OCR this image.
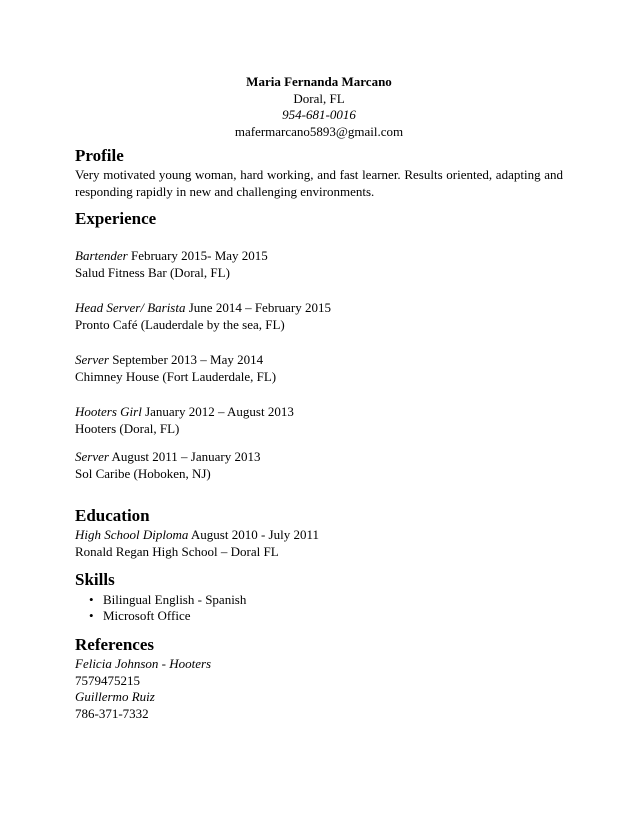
Maria Fernanda Marcano
Doral, FL
954-681-0016
mafermarcano5893@gmail.com
Profile
Very motivated young woman, hard working, and fast learner. Results oriented, adapting and responding rapidly in new and challenging environments.
Experience
Bartender February 2015- May 2015
Salud Fitness Bar (Doral, FL)
Head Server/ Barista June 2014 – February 2015
Pronto Café (Lauderdale by the sea, FL)
Server September 2013 – May 2014
Chimney House (Fort Lauderdale, FL)
Hooters Girl January 2012 – August 2013
Hooters (Doral, FL)
Server August 2011 – January 2013
Sol Caribe (Hoboken, NJ)
Education
High School Diploma August 2010 - July 2011
Ronald Regan High School – Doral FL
Skills
• Bilingual English - Spanish
• Microsoft Office
References
Felicia Johnson - Hooters
7579475215
Guillermo Ruiz
786-371-7332
